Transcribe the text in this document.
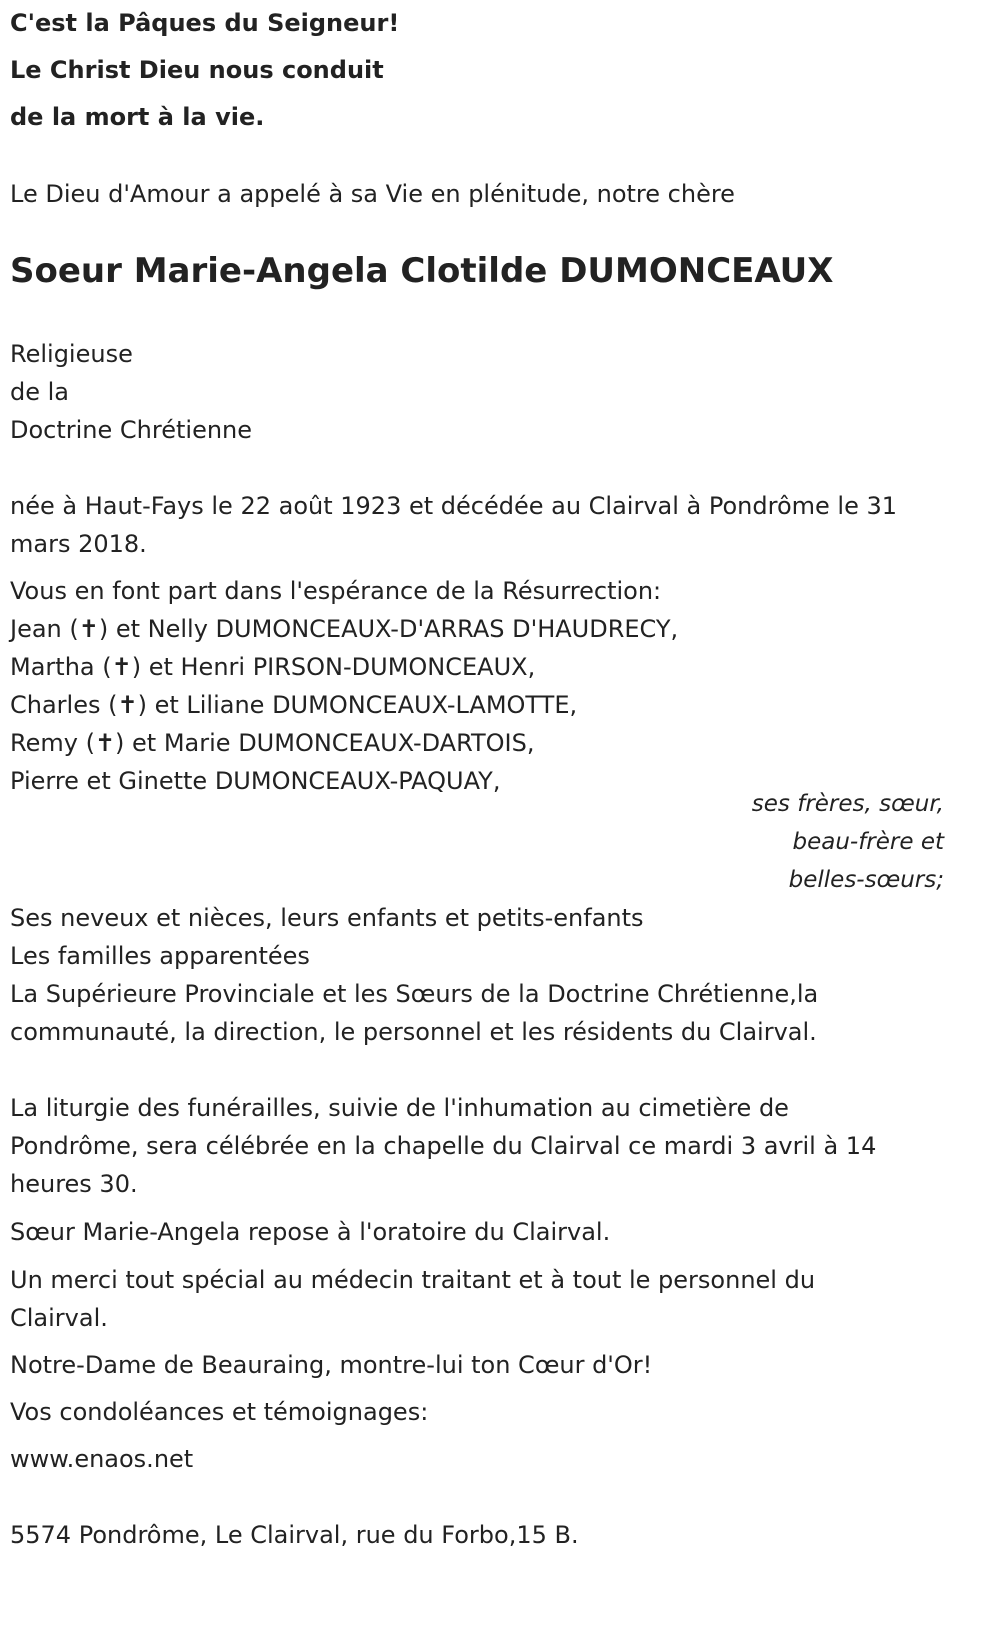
C'est la Pâques du Seigneur!
Le Christ Dieu nous conduit
de la mort à la vie.
Le Dieu d'Amour a appelé à sa Vie en plénitude, notre chère
Soeur Marie-Angela Clotilde DUMONCEAUX
Religieuse
de la
Doctrine Chrétienne
née à Haut-Fays le 22 août 1923 et décédée au Clairval à Pondrôme le 31
mars 2018.
Vous en font part dans l'espérance de la Résurrection:
Jean (✝) et Nelly DUMONCEAUX-D'ARRAS D'HAUDRECY,
Martha (✝) et Henri PIRSON-DUMONCEAUX,
Charles (✝) et Liliane DUMONCEAUX-LAMOTTE,
Remy (✝) et Marie DUMONCEAUX-DARTOIS,
Pierre et Ginette DUMONCEAUX-PAQUAY,
ses frères, sœur,
beau-frère et
belles-sœurs;
Ses neveux et nièces, leurs enfants et petits-enfants
Les familles apparentées
La Supérieure Provinciale et les Sœurs de la Doctrine Chrétienne,la
communauté, la direction, le personnel et les résidents du Clairval.
La liturgie des funérailles, suivie de l'inhumation au cimetière de
Pondrôme, sera célébrée en la chapelle du Clairval ce mardi 3 avril à 14
heures 30.
Sœur Marie-Angela repose à l'oratoire du Clairval.
Un merci tout spécial au médecin traitant et à tout le personnel du
Clairval.
Notre-Dame de Beauraing, montre-lui ton Cœur d'Or!
Vos condoléances et témoignages:
www.enaos.net
5574 Pondrôme, Le Clairval, rue du Forbo,15 B.
